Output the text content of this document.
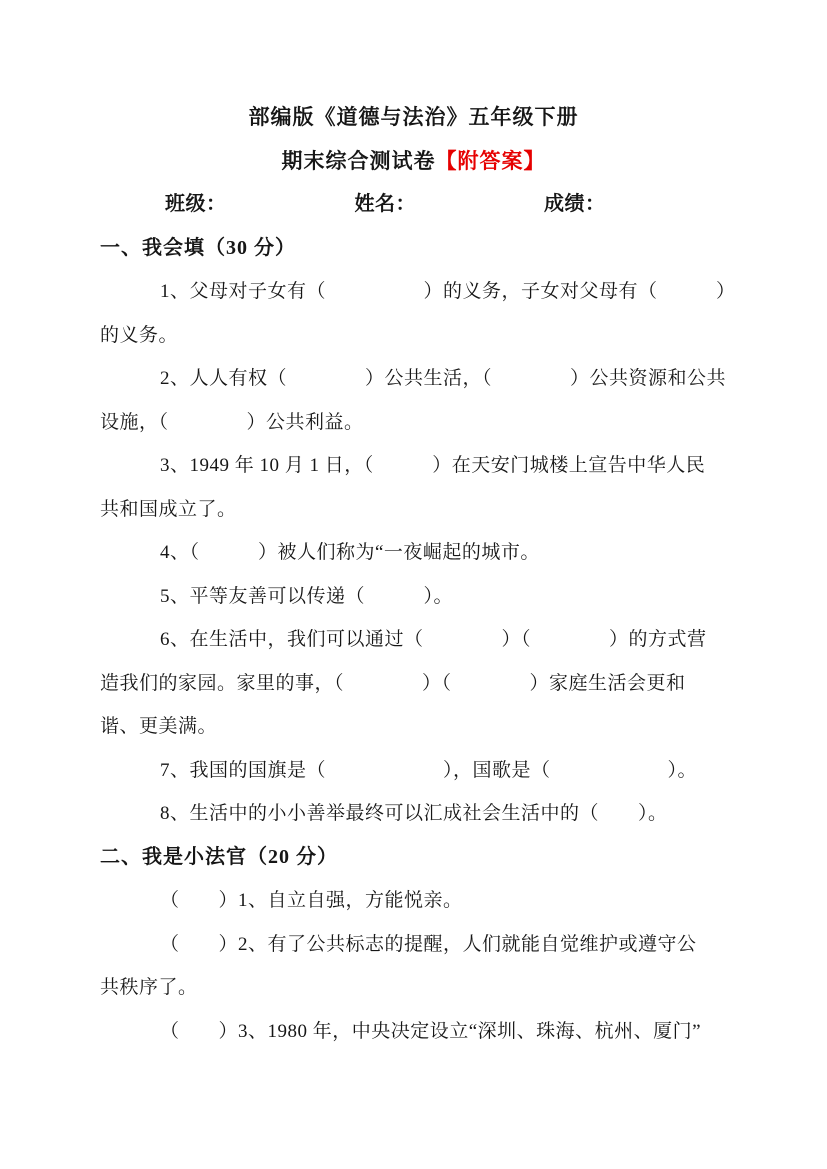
部编版《道德与法治》五年级下册
期末综合测试卷【附答案】
班级：	姓名：	成绩：
一、我会填（30 分）
1、父母对子女有（　　　　　）的义务，子女对父母有（　　　）
的义务。
2、人人有权（　　　　）公共生活，（　　　　）公共资源和公共
设施，（　　　　）公共利益。
3、1949 年 10 月 1 日，（　　　）在天安门城楼上宣告中华人民
共和国成立了。
4、（　　　）被人们称为“一夜崛起的城市。
5、平等友善可以传递（　　　）。
6、在生活中，我们可以通过（　　　　）（　　　　）的方式营
造我们的家园。家里的事，（　　　　）（　　　　）家庭生活会更和
谐、更美满。
7、我国的国旗是（　　　　　　），国歌是（　　　　　　）。
8、生活中的小小善举最终可以汇成社会生活中的（　　）。
二、我是小法官（20 分）
（　　）1、自立自强，方能悦亲。
（　　）2、有了公共标志的提醒，人们就能自觉维护或遵守公
共秩序了。
（　　）3、1980 年，中央决定设立“深圳、珠海、杭州、厦门”
